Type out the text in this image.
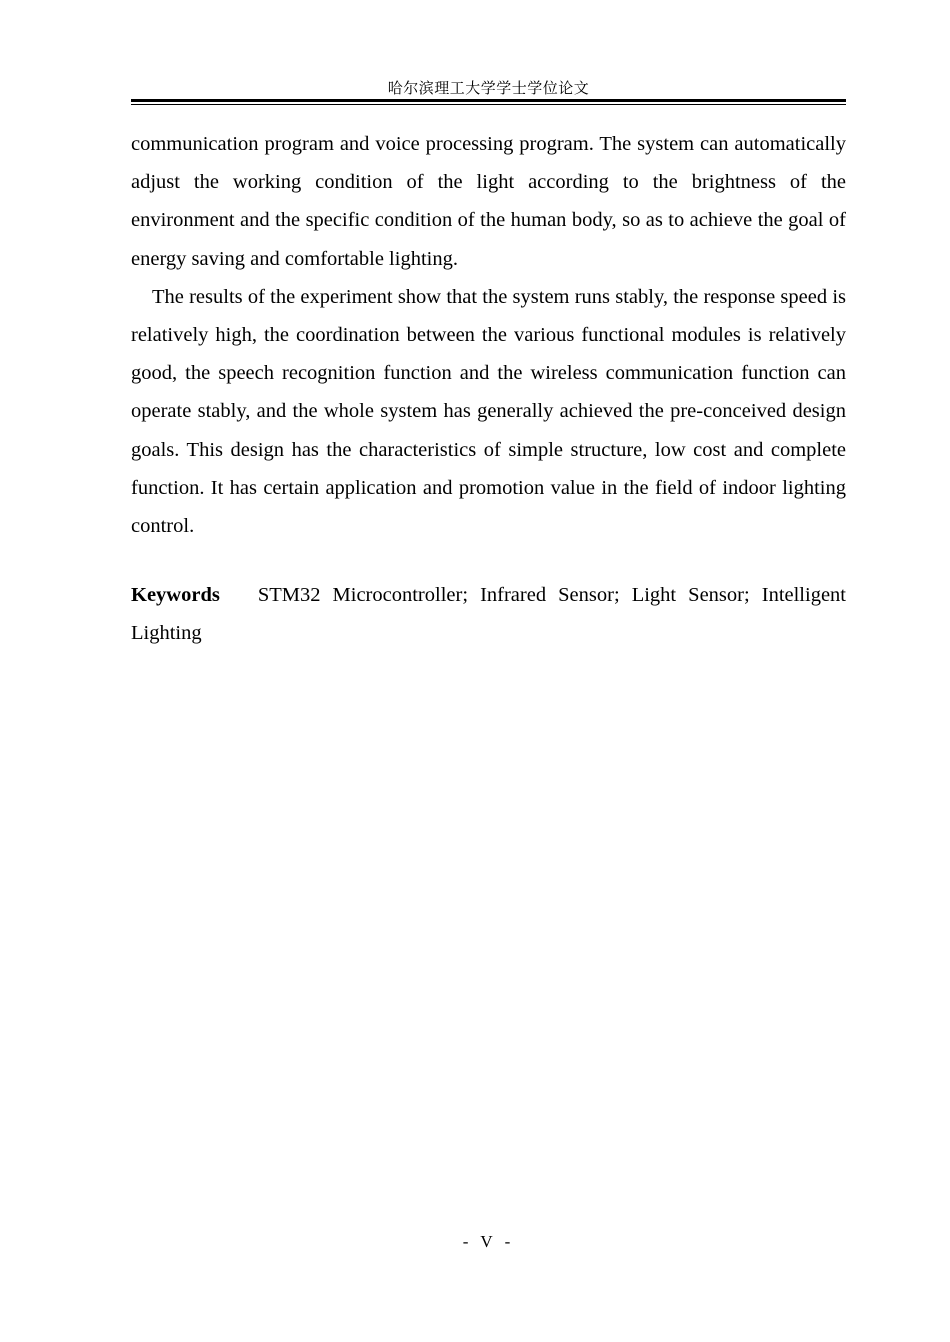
哈尔滨理工大学学士学位论文

communication program and voice processing program. The system can automatically adjust the working condition of the light according to the brightness of the environment and the specific condition of the human body, so as to achieve the goal of energy saving and comfortable lighting.

The results of the experiment show that the system runs stably, the response speed is relatively high, the coordination between the various functional modules is relatively good, the speech recognition function and the wireless communication function can operate stably, and the whole system has generally achieved the pre-conceived design goals. This design has the characteristics of simple structure, low cost and complete function. It has certain application and promotion value in the field of indoor lighting control.

Keywords STM32 Microcontroller; Infrared Sensor; Light Sensor; Intelligent Lighting

- V -
